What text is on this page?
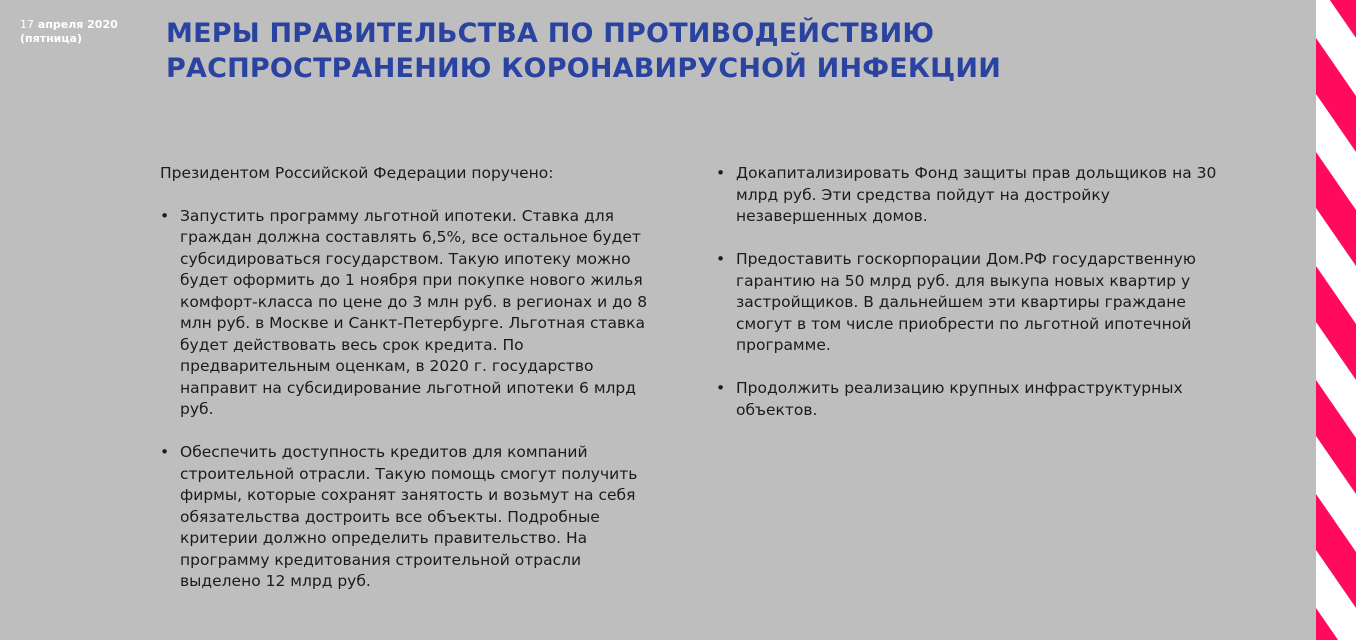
17 апреля 2020
(пятница)	МЕРЫ ПРАВИТЕЛЬСТВА ПО ПРОТИВОДЕЙСТВИЮ
РАСПРОСТРАНЕНИЮ КОРОНАВИРУСНОЙ ИНФЕКЦИИ

Президентом Российской Федерации поручено:

• Запустить программу льготной ипотеки. Ставка для граждан должна составлять 6,5%, все остальное будет субсидироваться государством. Такую ипотеку можно будет оформить до 1 ноября при покупке нового жилья комфорт-класса по цене до 3 млн руб. в регионах и до 8 млн руб. в Москве и Санкт-Петербурге. Льготная ставка будет действовать весь срок кредита. По предварительным оценкам, в 2020 г. государство направит на субсидирование льготной ипотеки 6 млрд руб.
• Обеспечить доступность кредитов для компаний строительной отрасли. Такую помощь смогут получить фирмы, которые сохранят занятость и возьмут на себя обязательства достроить все объекты. Подробные критерии должно определить правительство. На программу кредитования строительной отрасли выделено 12 млрд руб.
• Докапитализировать Фонд защиты прав дольщиков на 30 млрд руб. Эти средства пойдут на достройку незавершенных домов.
• Предоставить госкорпорации Дом.РФ государственную гарантию на 50 млрд руб. для выкупа новых квартир у застройщиков. В дальнейшем эти квартиры граждане смогут в том числе приобрести по льготной ипотечной программе.
• Продолжить реализацию крупных инфраструктурных объектов.
